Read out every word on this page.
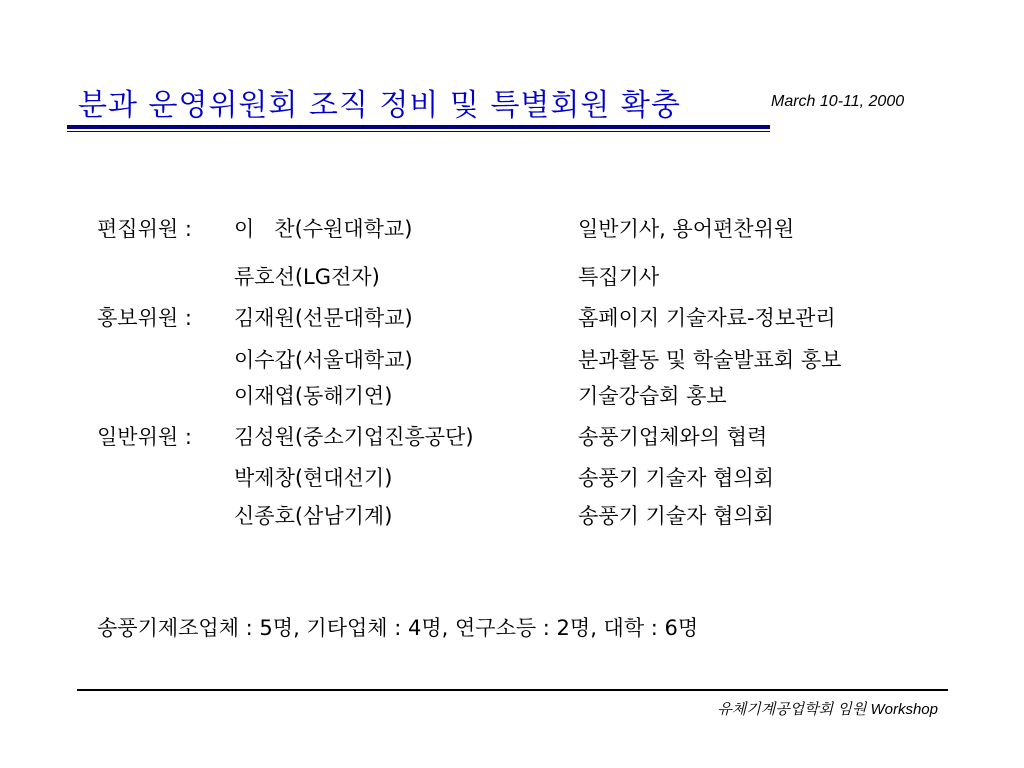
분과 운영위원회 조직 정비 및 특별회원 확충	March 10-11, 2000
편집위원 : 이   찬(수원대학교)	일반기사, 용어편찬위원
류호선(LG전자)	특집기사
홍보위원 : 김재원(선문대학교)	홈페이지 기술자료-정보관리
이수갑(서울대학교)	분과활동 및 학술발표회 홍보
이재엽(동해기연)	기술강습회 홍보
일반위원 : 김성원(중소기업진흥공단)	송풍기업체와의 협력
박제창(현대선기)	송풍기 기술자 협의회
신종호(삼남기계)	송풍기 기술자 협의회
송풍기제조업체 : 5명, 기타업체 : 4명, 연구소등 : 2명, 대학 : 6명
유체기계공업학회 임원 Workshop
